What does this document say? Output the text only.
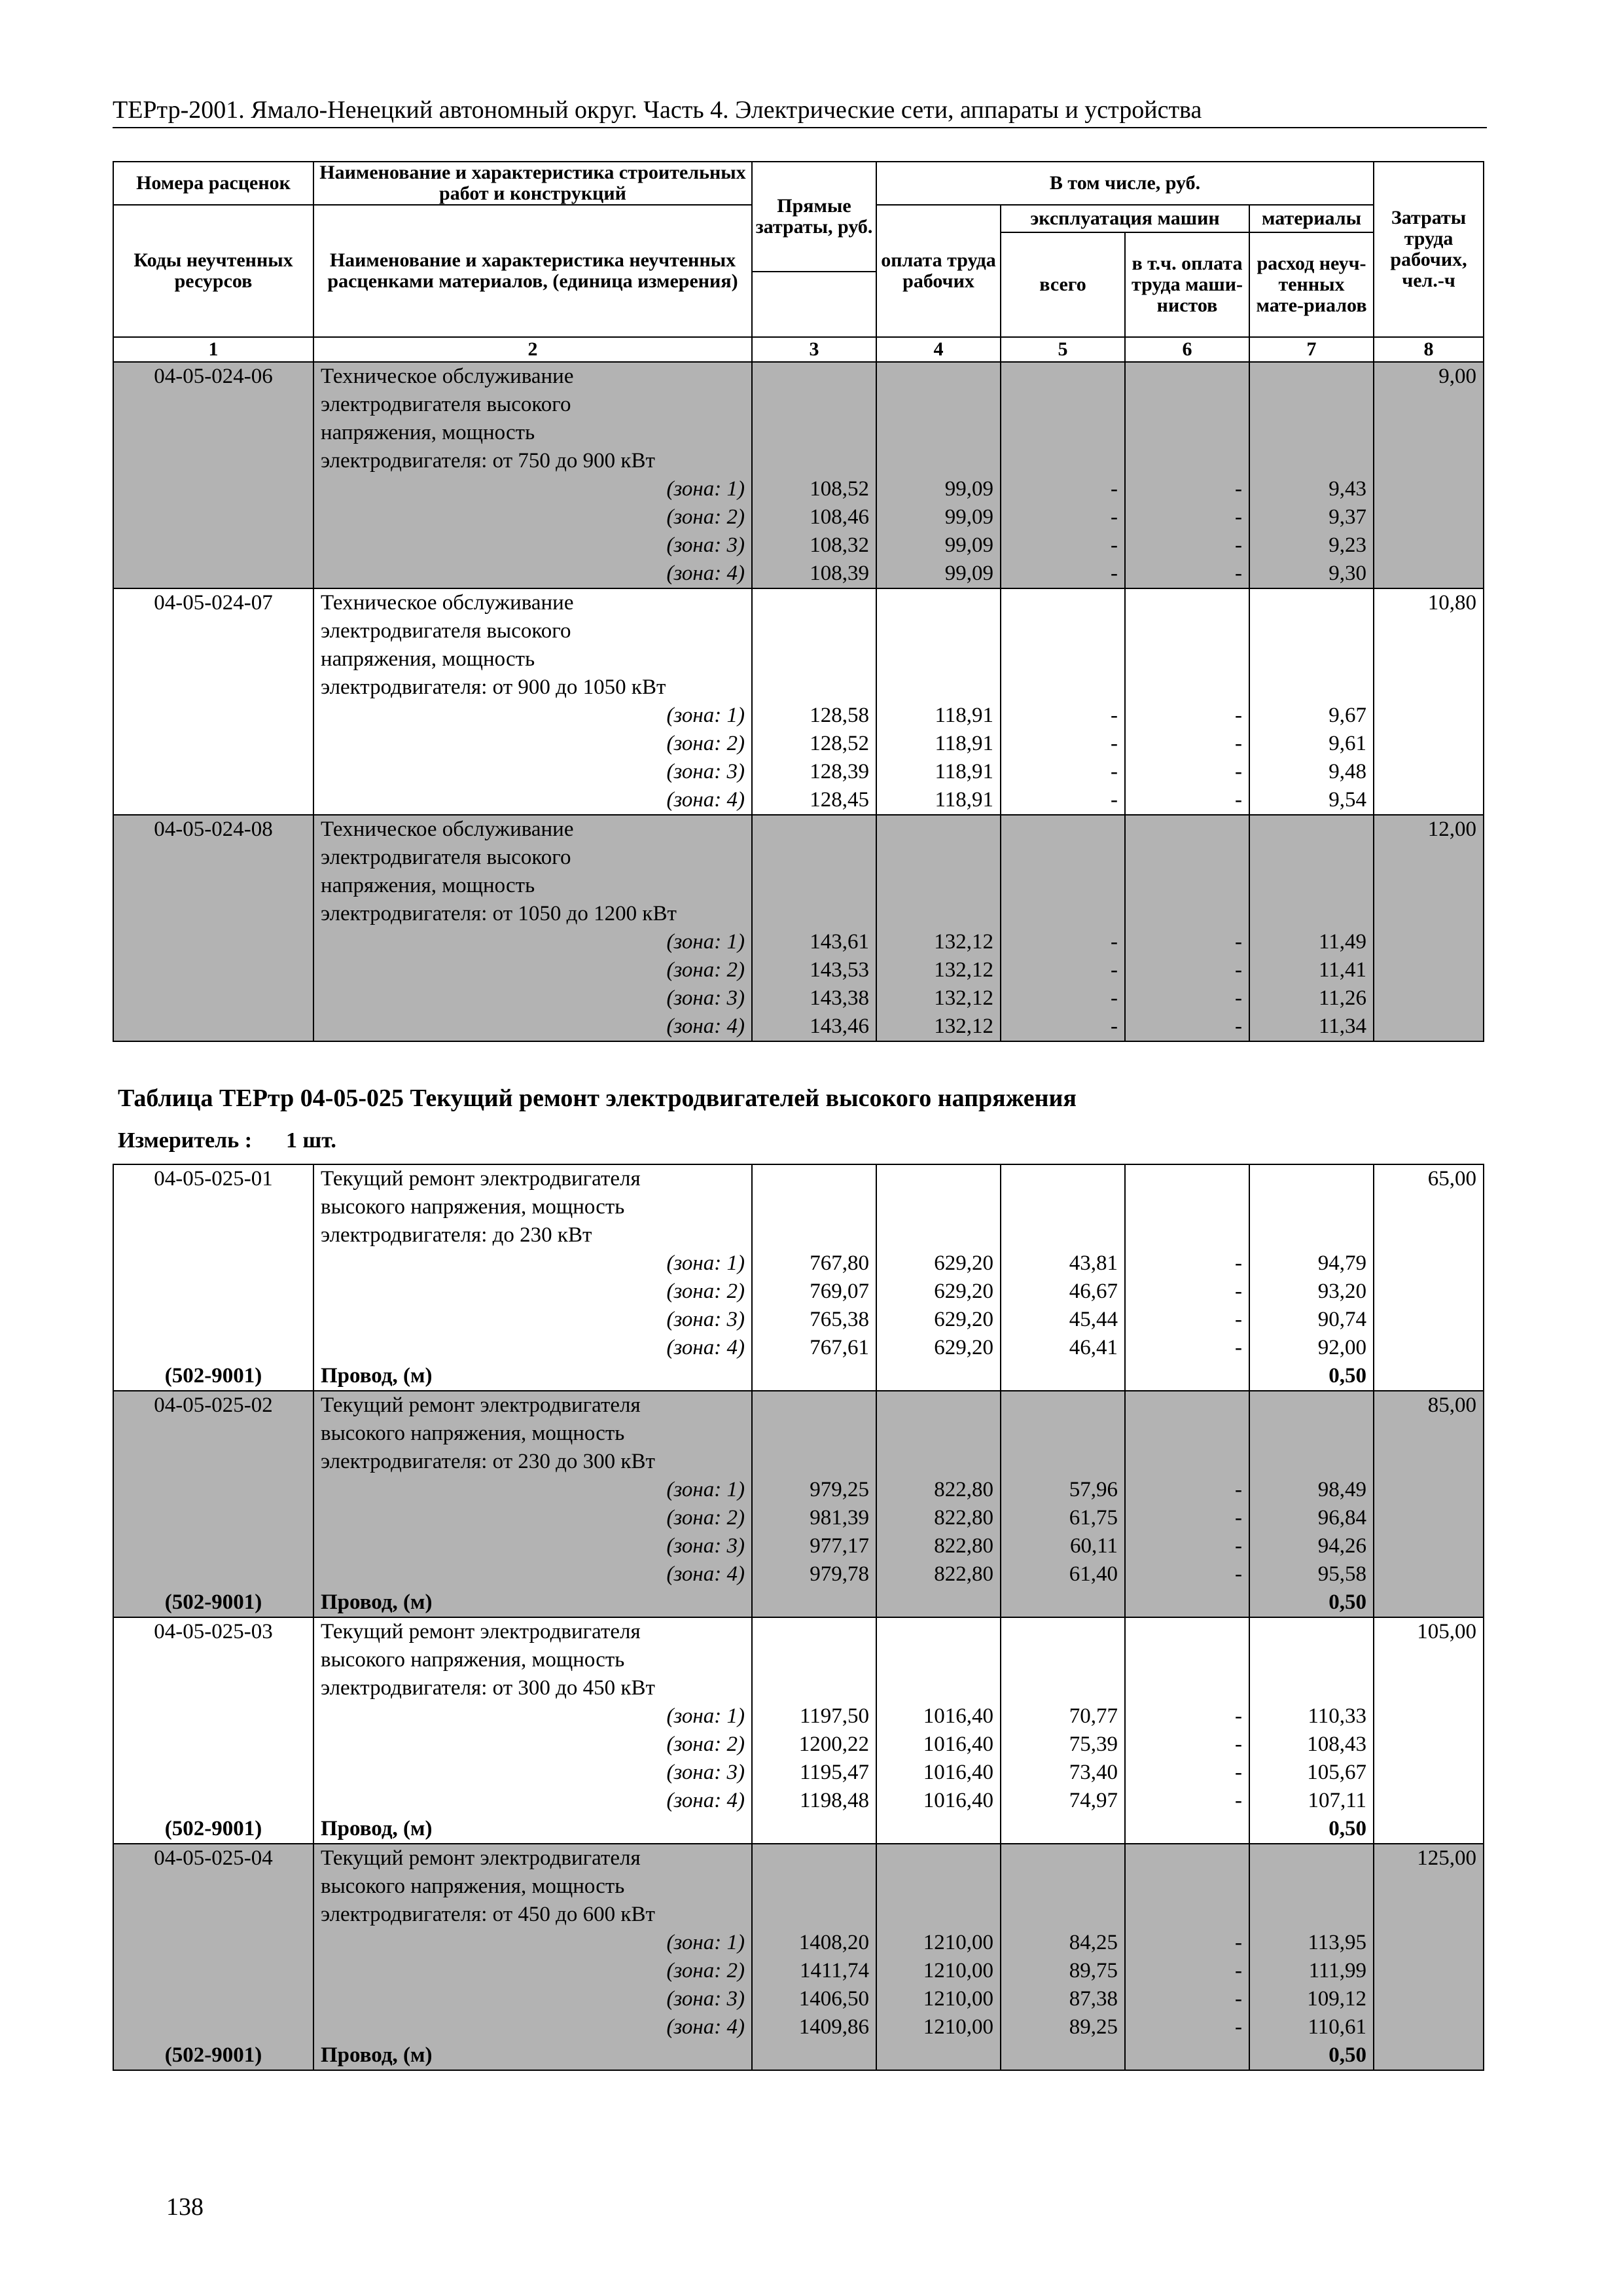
ТЕРтр-2001. Ямало-Ненецкий автономный округ. Часть 4. Электрические сети, аппараты и устройства
Номера расценок	Наименование и характеристика строительных работ и конструкций	Прямые затраты, руб.	В том числе, руб.				Затраты труда рабочих, чел.-ч
Коды неучтенных ресурсов	Наименование и характеристика неучтенных расценками материалов, (единица измерения)		оплата труда рабочих	эксплуатация машин		материалы	
				всего	в т.ч. оплата труда маши-нистов	расход неуч-тенных мате-риалов	

1	2	3	4	5	6	7	8
04-05-024-06	Техническое обслуживание						9,00
	электродвигателя высокого						
	напряжения, мощность						
	электродвигателя: от 750 до 900 кВт						
	(зона: 1)	108,52	99,09	-	-	9,43	
	(зона: 2)	108,46	99,09	-	-	9,37	
	(зона: 3)	108,32	99,09	-	-	9,23	
	(зона: 4)	108,39	99,09	-	-	9,30	
04-05-024-07	Техническое обслуживание						10,80
	электродвигателя высокого						
	напряжения, мощность						
	электродвигателя: от 900 до 1050 кВт						
	(зона: 1)	128,58	118,91	-	-	9,67	
	(зона: 2)	128,52	118,91	-	-	9,61	
	(зона: 3)	128,39	118,91	-	-	9,48	
	(зона: 4)	128,45	118,91	-	-	9,54	
04-05-024-08	Техническое обслуживание						12,00
	электродвигателя высокого						
	напряжения, мощность						
	электродвигателя: от 1050 до 1200 кВт						
	(зона: 1)	143,61	132,12	-	-	11,49	
	(зона: 2)	143,53	132,12	-	-	11,41	
	(зона: 3)	143,38	132,12	-	-	11,26	
	(зона: 4)	143,46	132,12	-	-	11,34	
Таблица ТЕРтр 04-05-025 Текущий ремонт электродвигателей высокого напряжения
Измеритель : 1 шт.
04-05-025-01	Текущий ремонт электродвигателя						65,00
	высокого напряжения, мощность						
	электродвигателя: до 230 кВт						
	(зона: 1)	767,80	629,20	43,81	-	94,79	
	(зона: 2)	769,07	629,20	46,67	-	93,20	
	(зона: 3)	765,38	629,20	45,44	-	90,74	
	(зона: 4)	767,61	629,20	46,41	-	92,00	
(502-9001)	Провод, (м)					0,50	
04-05-025-02	Текущий ремонт электродвигателя						85,00
	высокого напряжения, мощность						
	электродвигателя: от 230 до 300 кВт						
	(зона: 1)	979,25	822,80	57,96	-	98,49	
	(зона: 2)	981,39	822,80	61,75	-	96,84	
	(зона: 3)	977,17	822,80	60,11	-	94,26	
	(зона: 4)	979,78	822,80	61,40	-	95,58	
(502-9001)	Провод, (м)					0,50	
04-05-025-03	Текущий ремонт электродвигателя						105,00
	высокого напряжения, мощность						
	электродвигателя: от 300 до 450 кВт						
	(зона: 1)	1197,50	1016,40	70,77	-	110,33	
	(зона: 2)	1200,22	1016,40	75,39	-	108,43	
	(зона: 3)	1195,47	1016,40	73,40	-	105,67	
	(зона: 4)	1198,48	1016,40	74,97	-	107,11	
(502-9001)	Провод, (м)					0,50	
04-05-025-04	Текущий ремонт электродвигателя						125,00
	высокого напряжения, мощность						
	электродвигателя: от 450 до 600 кВт						
	(зона: 1)	1408,20	1210,00	84,25	-	113,95	
	(зона: 2)	1411,74	1210,00	89,75	-	111,99	
	(зона: 3)	1406,50	1210,00	87,38	-	109,12	
	(зона: 4)	1409,86	1210,00	89,25	-	110,61	
(502-9001)	Провод, (м)					0,50	
138
